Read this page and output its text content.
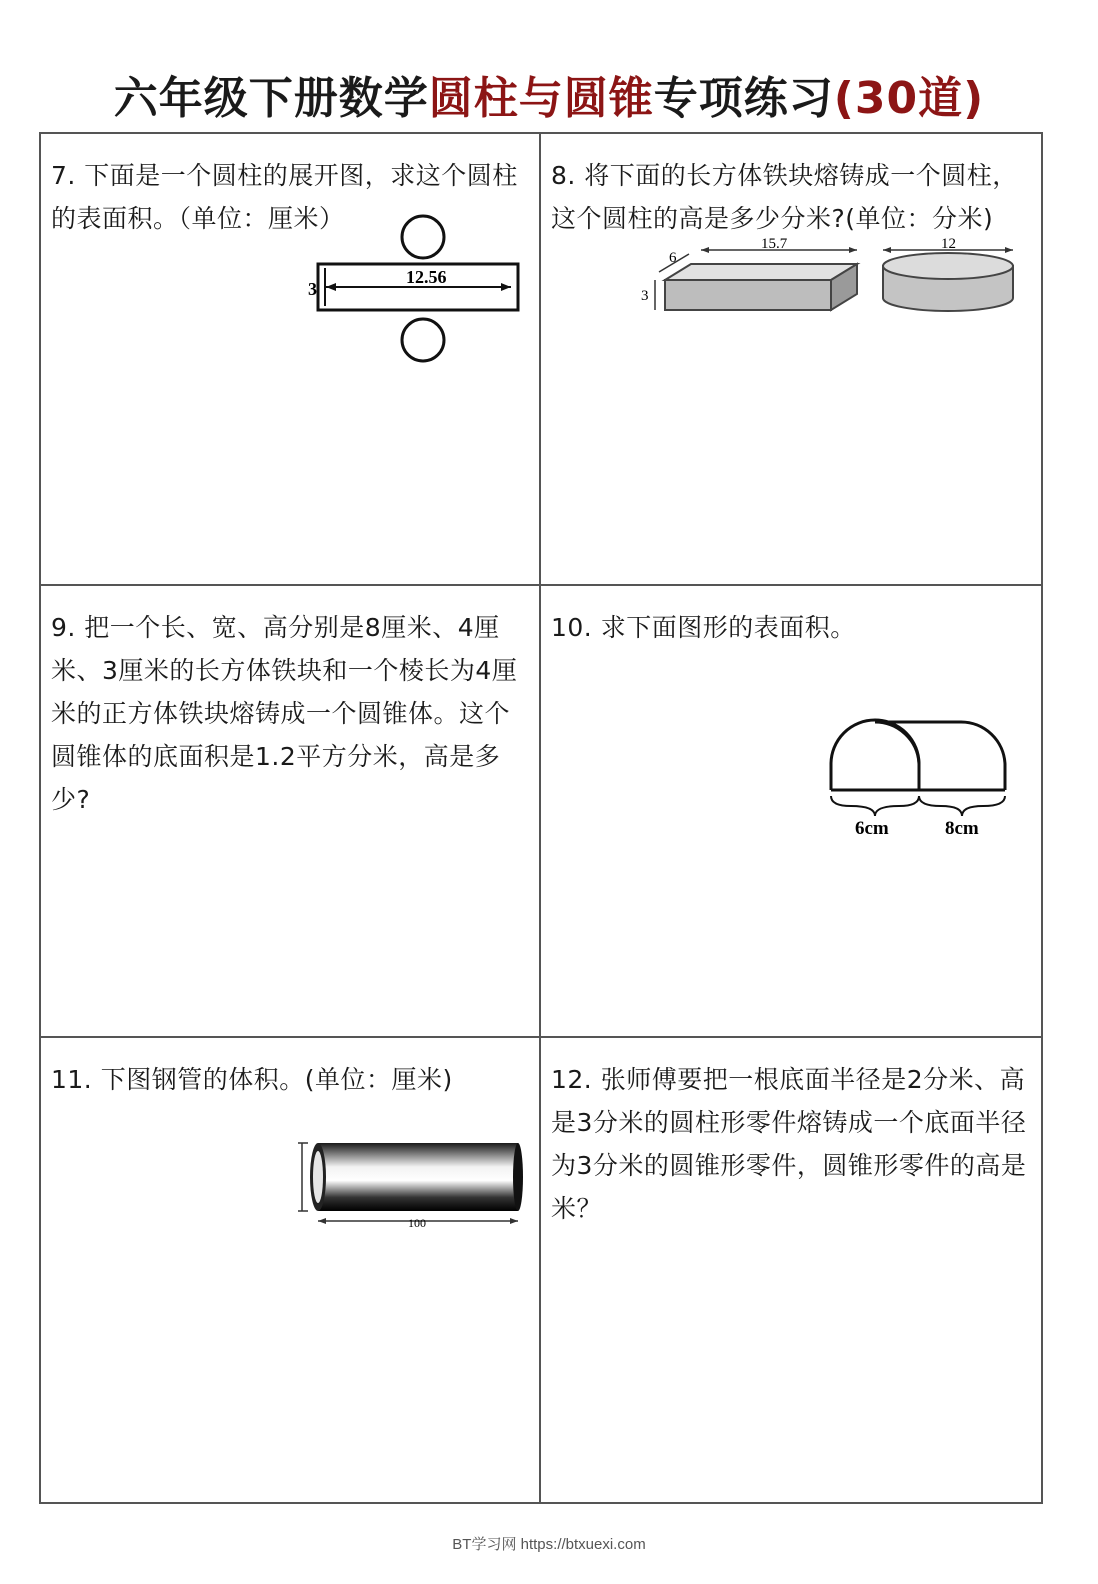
六年级下册数学圆柱与圆锥专项练习(30道)

7. 下面是一个圆柱的展开图，求这个圆柱的表面积。（单位：厘米）

3
12.56

8. 将下面的长方体铁块熔铸成一个圆柱，这个圆柱的高是多少分米?(单位：分米)

3
6
15.7	12

9. 把一个长、宽、高分别是8厘米、4厘米、3厘米的长方体铁块和一个棱长为4厘米的正方体铁块熔铸成一个圆锥体。这个圆锥体的底面积是1.2平方分米，高是多少?

10. 求下面图形的表面积。

6cm	8cm

11. 下图钢管的体积。(单位：厘米)

100

12. 张师傅要把一根底面半径是2分米、高是3分米的圆柱形零件熔铸成一个底面半径为3分米的圆锥形零件，圆锥形零件的高是米？

BT学习网 https://btxuexi.com
